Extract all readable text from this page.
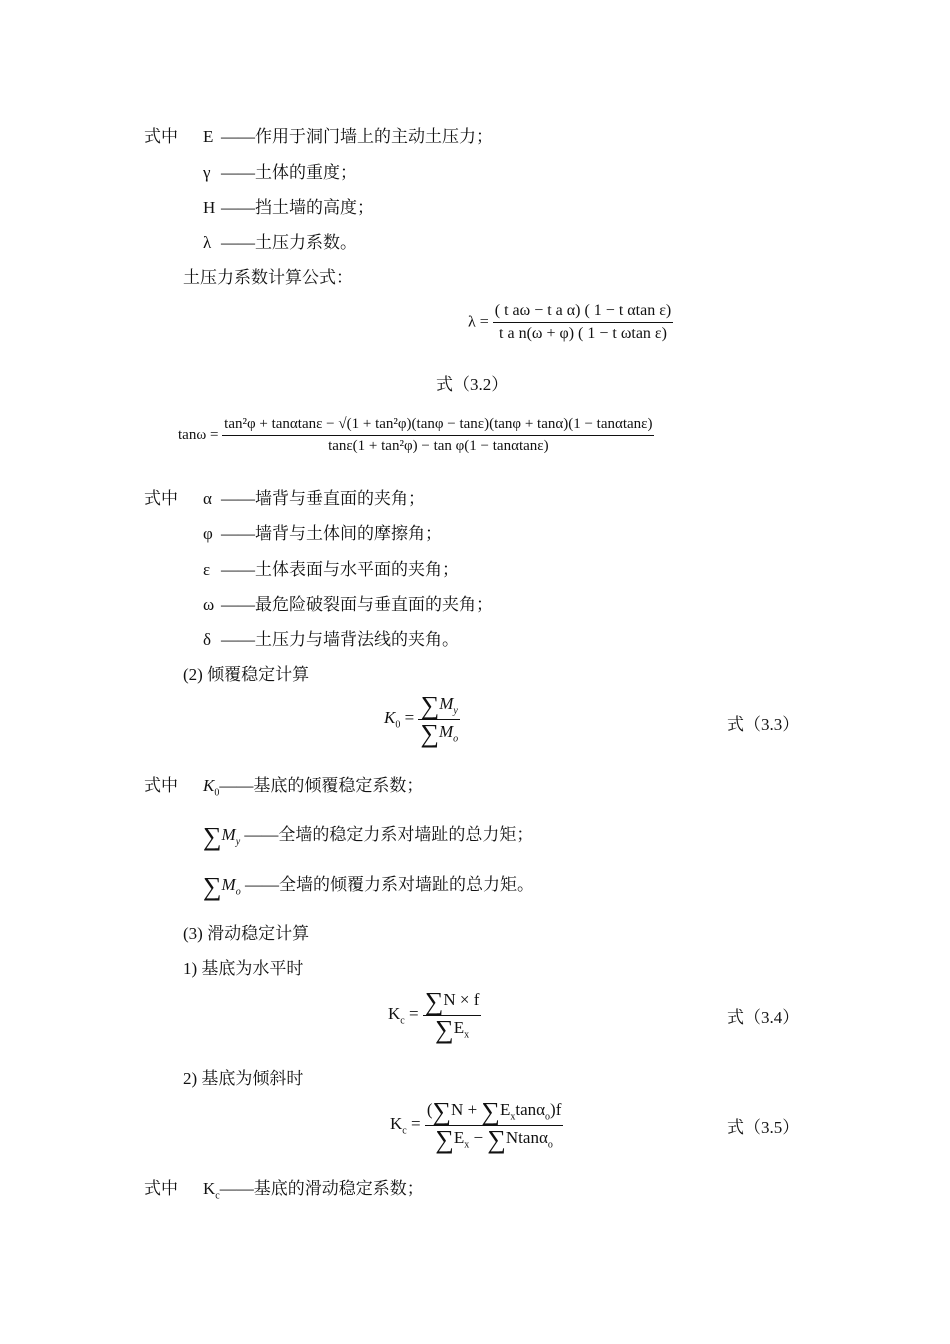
式中 E ——作用于洞门墙上的主动土压力；
γ ——土体的重度；
H ——挡土墙的高度；
λ ——土压力系数。
土压力系数计算公式：
$\lambda = \frac{\text{( t aω − t a α) ( 1 − t αtan ε)}}{\text{t a n(ω + φ) ( 1 − t ωtan ε)}}$
式（3.2）
tanω =
tan²φ + tanαtanε − √(1 + tan²φ)(tanφ − tanε)(tanφ + tanα)(1 − tanαtanε)
tanε(1 + tan²φ) − tan φ(1 − tanαtanε)
式中 α ——墙背与垂直面的夹角；
φ ——墙背与土体间的摩擦角；
ε ——土体表面与水平面的夹角；
ω ——最危险破裂面与垂直面的夹角；
δ ——土压力与墙背法线的夹角。
(2) 倾覆稳定计算
$K_0 = \frac{\sum M_y}{\sum M_o}$	式（3.3）
式中 $K_0——$基底的倾覆稳定系数；
$\sum M_y$ ——全墙的稳定力系对墙趾的总力矩；
$\sum M_o$ ——全墙的倾覆力系对墙趾的总力矩。
(3) 滑动稳定计算
1) 基底为水平时
$K_c = \frac{\sum N \times f}{\sum E_x}$	式（3.4）
2) 基底为倾斜时
$K_c = \frac{(\sum N + \sum E_x\tan\alpha_o)f}{\sum E_x - \sum Ntan\alpha_o}$	式（3.5）
式中 $K_c——$基底的滑动稳定系数；
